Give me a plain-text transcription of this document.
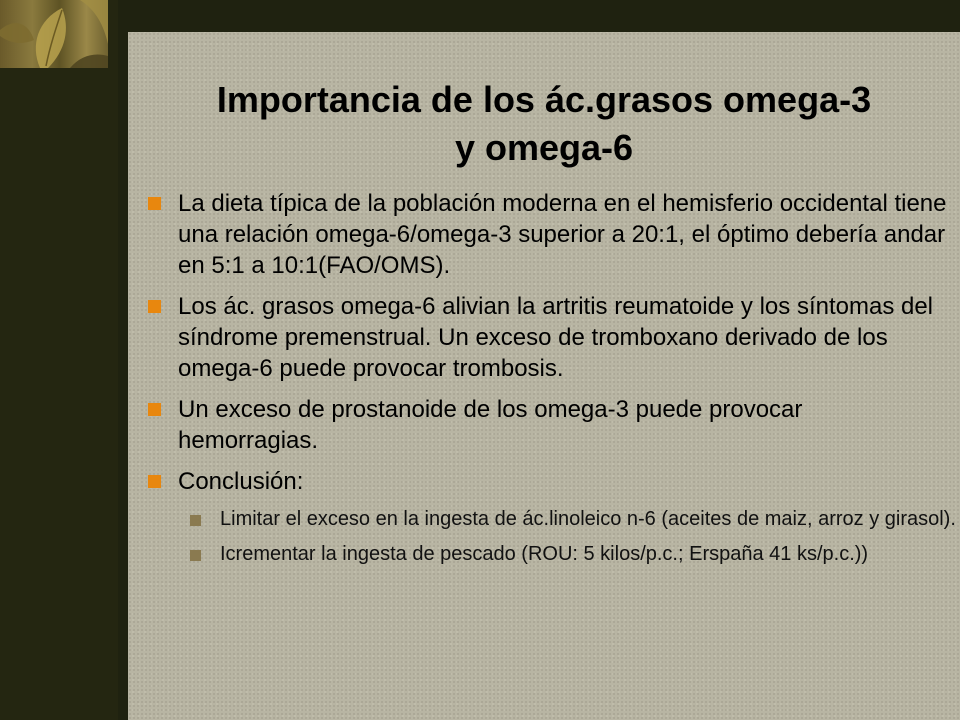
Importancia de los ác.grasos omega-3
y omega-6
La dieta típica de la población moderna en el hemisferio occidental tiene una relación omega-6/omega-3 superior a 20:1, el óptimo debería andar en 5:1 a 10:1(FAO/OMS).
Los ác. grasos omega-6 alivian la artritis reumatoide y los síntomas del síndrome premenstrual. Un exceso de tromboxano derivado de los omega-6 puede provocar trombosis.
Un exceso de prostanoide de los omega-3 puede provocar hemorragias.
Conclusión:
Limitar el exceso en la ingesta de ác.linoleico n-6 (aceites de maiz, arroz y girasol).
Icrementar la ingesta de pescado (ROU: 5 kilos/p.c.; Erspaña 41 ks/p.c.))
